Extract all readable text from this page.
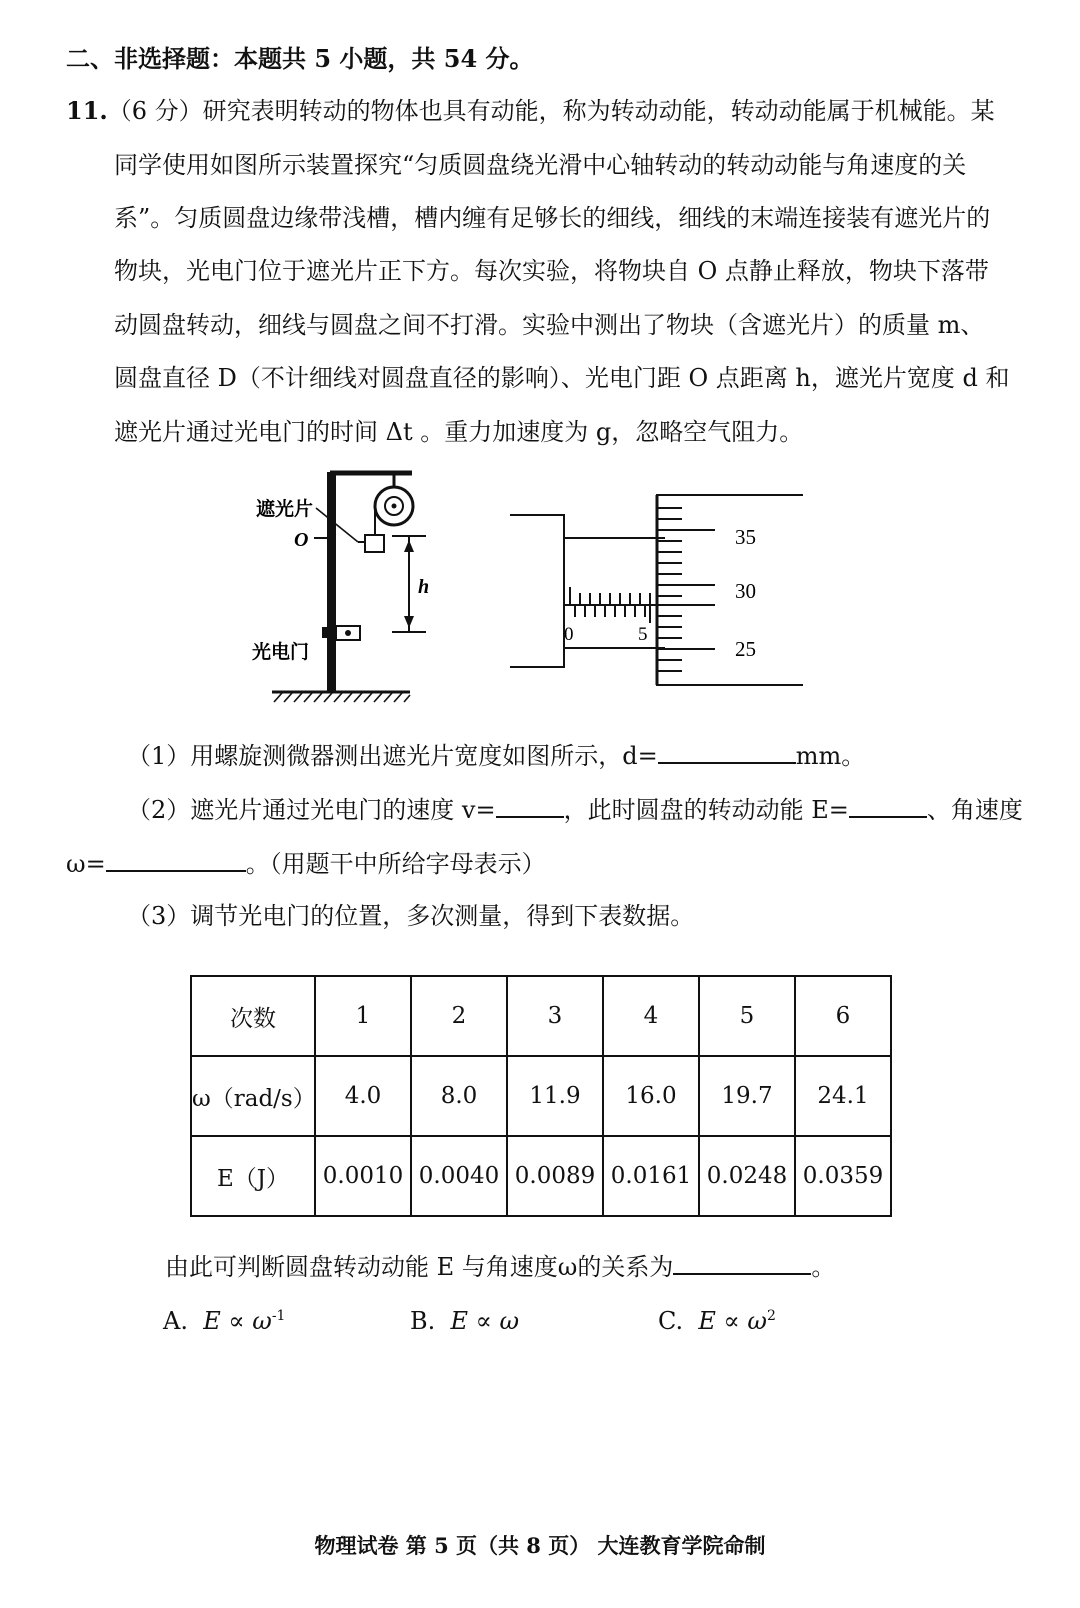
二、非选择题：本题共 5 小题，共 54 分。
11.（6 分）研究表明转动的物体也具有动能，称为转动动能，转动动能属于机械能。某
同学使用如图所示装置探究“匀质圆盘绕光滑中心轴转动的转动动能与角速度的关
系”。匀质圆盘边缘带浅槽，槽内缠有足够长的细线，细线的末端连接装有遮光片的
物块，光电门位于遮光片正下方。每次实验，将物块自 O 点静止释放，物块下落带
动圆盘转动，细线与圆盘之间不打滑。实验中测出了物块（含遮光片）的质量 m、
圆盘直径 D（不计细线对圆盘直径的影响）、光电门距 O 点距离 h，遮光片宽度 d 和
遮光片通过光电门的时间 Δt 。重力加速度为 g，忽略空气阻力。
h
遮光片
O
光电门
0	5
35
30
25
（1）用螺旋测微器测出遮光片宽度如图所示，d=	mm。
（2）遮光片通过光电门的速度 v=	，此时圆盘的转动动能 E=	、角速度
ω=	。（用题干中所给字母表示）
（3）调节光电门的位置，多次测量，得到下表数据。
次数	1	2	3	4	5	6
ω（rad/s）	4.0	8.0	11.9	16.0	19.7	24.1
E（J）	0.0010	0.0040	0.0089	0.0161	0.0248	0.0359
由此可判断圆盘转动动能 E 与角速度ω的关系为	。
A. $E \propto \omega^{-1}$	B. E ∝ ω	C. $E \propto \omega^2$
物理试卷 第 5 页（共 8 页） 大连教育学院命制
